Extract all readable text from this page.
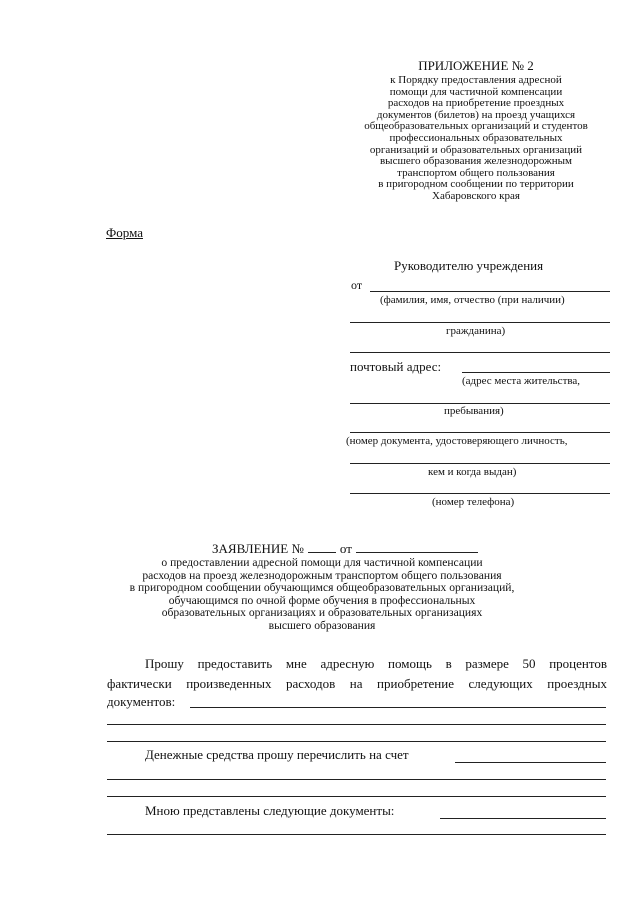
ПРИЛОЖЕНИЕ № 2
к Порядку предоставления адресной
помощи для частичной компенсации
расходов на приобретение проездных
документов (билетов) на проезд учащихся
общеобразовательных организаций и студентов
профессиональных образовательных
организаций и образовательных организаций
высшего образования железнодорожным
транспортом общего пользования
в пригородном сообщении по территории
Хабаровского края
Форма
Руководителю учреждения
от
(фамилия, имя, отчество (при наличии)
гражданина)
почтовый адрес:
(адрес места жительства,
пребывания)
(номер документа, удостоверяющего личность,
кем и когда выдан)
(номер телефона)
ЗАЯВЛЕНИЕ №	от
о предоставлении адресной помощи для частичной компенсации
расходов на проезд железнодорожным транспортом общего пользования
в пригородном сообщении обучающимся общеобразовательных организаций,
обучающимся по очной форме обучения в профессиональных
образовательных организациях и образовательных организациях
высшего образования
Прошу предоставить мне адресную помощь в размере 50 процентов
фактически произведенных расходов на приобретение следующих проездных
документов:
Денежные средства прошу перечислить на счет
Мною представлены следующие документы:
